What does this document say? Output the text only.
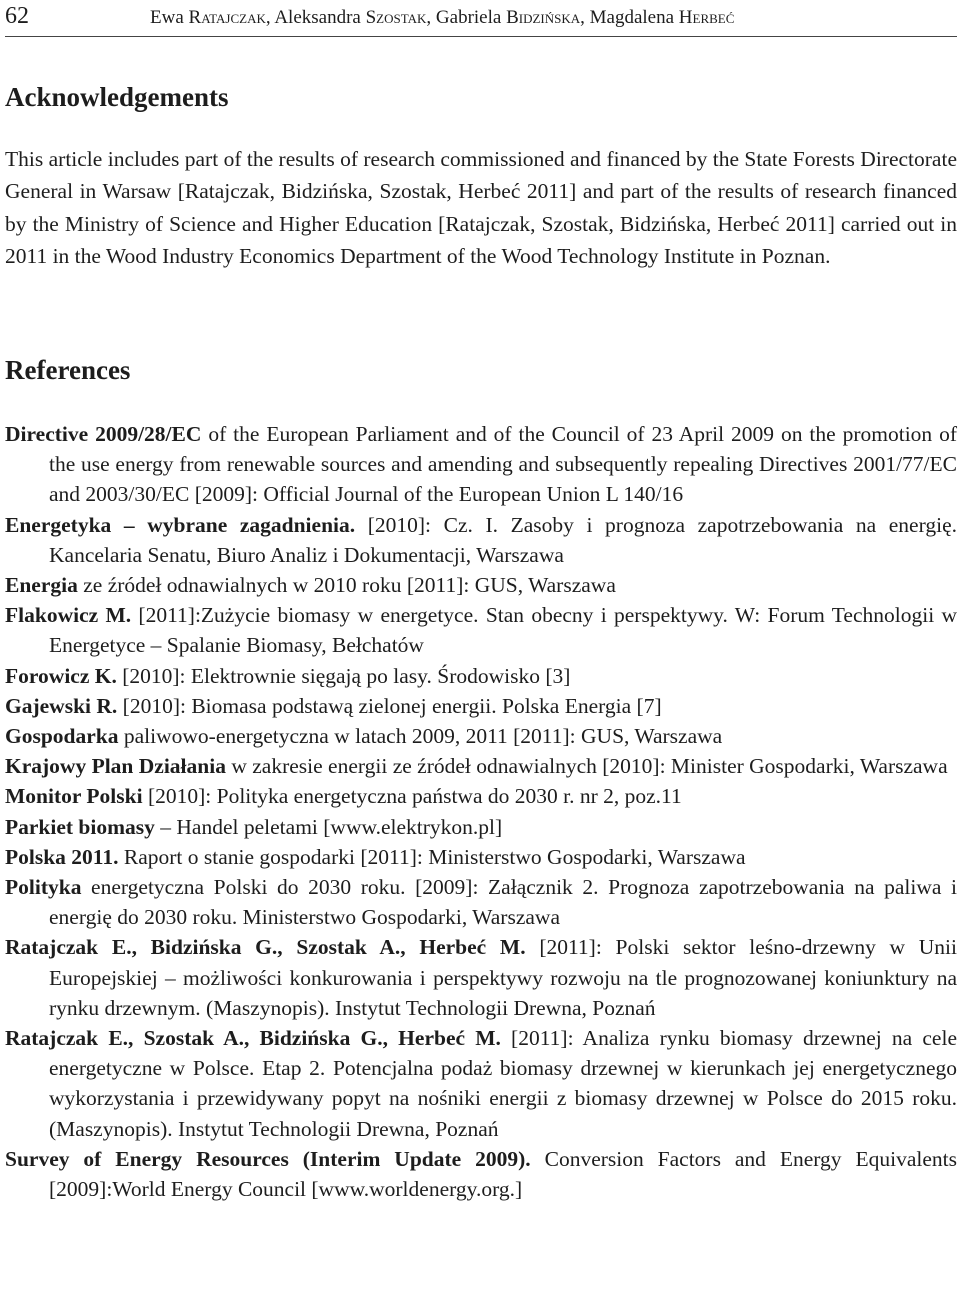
62	Ewa Ratajczak, Aleksandra Szostak, Gabriela Bidzińska, Magdalena Herbeć
Acknowledgements

This article includes part of the results of research commissioned and financed by the State Forests Directorate General in Warsaw [Ratajczak, Bidzińska, Szostak, Herbeć 2011] and part of the results of research financed by the Ministry of Science and Higher Education [Ratajczak, Szostak, Bidzińska, Herbeć 2011] carried out in 2011 in the Wood Industry Economics Department of the Wood Technology Institute in Poznan.

References
Directive 2009/28/EC of the European Parliament and of the Council of 23 April 2009 on the promotion of the use energy from renewable sources and amending and subsequently repealing Directives 2001/77/EC and 2003/30/EC [2009]: Official Journal of the European Union L 140/16
Energetyka – wybrane zagadnienia. [2010]: Cz. I. Zasoby i prognoza zapotrzebowania na energię. Kancelaria Senatu, Biuro Analiz i Dokumentacji, Warszawa
Energia ze źródeł odnawialnych w 2010 roku [2011]: GUS, Warszawa
Flakowicz M. [2011]:Zużycie biomasy w energetyce. Stan obecny i perspektywy. W: Forum Technologii w Energetyce – Spalanie Biomasy, Bełchatów
Forowicz K. [2010]: Elektrownie sięgają po lasy. Środowisko [3]
Gajewski R. [2010]: Biomasa podstawą zielonej energii. Polska Energia [7]
Gospodarka paliwowo-energetyczna w latach 2009, 2011 [2011]: GUS, Warszawa
Krajowy Plan Działania w zakresie energii ze źródeł odnawialnych [2010]: Minister Gospodarki, Warszawa
Monitor Polski [2010]: Polityka energetyczna państwa do 2030 r. nr 2, poz.11
Parkiet biomasy – Handel peletami [www.elektrykon.pl]
Polska 2011. Raport o stanie gospodarki [2011]: Ministerstwo Gospodarki, Warszawa
Polityka energetyczna Polski do 2030 roku. [2009]: Załącznik 2. Prognoza zapotrzebowania na paliwa i energię do 2030 roku. Ministerstwo Gospodarki, Warszawa
Ratajczak E., Bidzińska G., Szostak A., Herbeć M. [2011]: Polski sektor leśno-drzewny w Unii Europejskiej – możliwości konkurowania i perspektywy rozwoju na tle prognozowanej koniunktury na rynku drzewnym. (Maszynopis). Instytut Technologii Drewna, Poznań
Ratajczak E., Szostak A., Bidzińska G., Herbeć M. [2011]: Analiza rynku biomasy drzewnej na cele energetyczne w Polsce. Etap 2. Potencjalna podaż biomasy drzewnej w kierunkach jej energetycznego wykorzystania i przewidywany popyt na nośniki energii z biomasy drzewnej w Polsce do 2015 roku. (Maszynopis). Instytut Technologii Drewna, Poznań
Survey of Energy Resources (Interim Update 2009). Conversion Factors and Energy Equivalents [2009]:World Energy Council [www.worldenergy.org.]
